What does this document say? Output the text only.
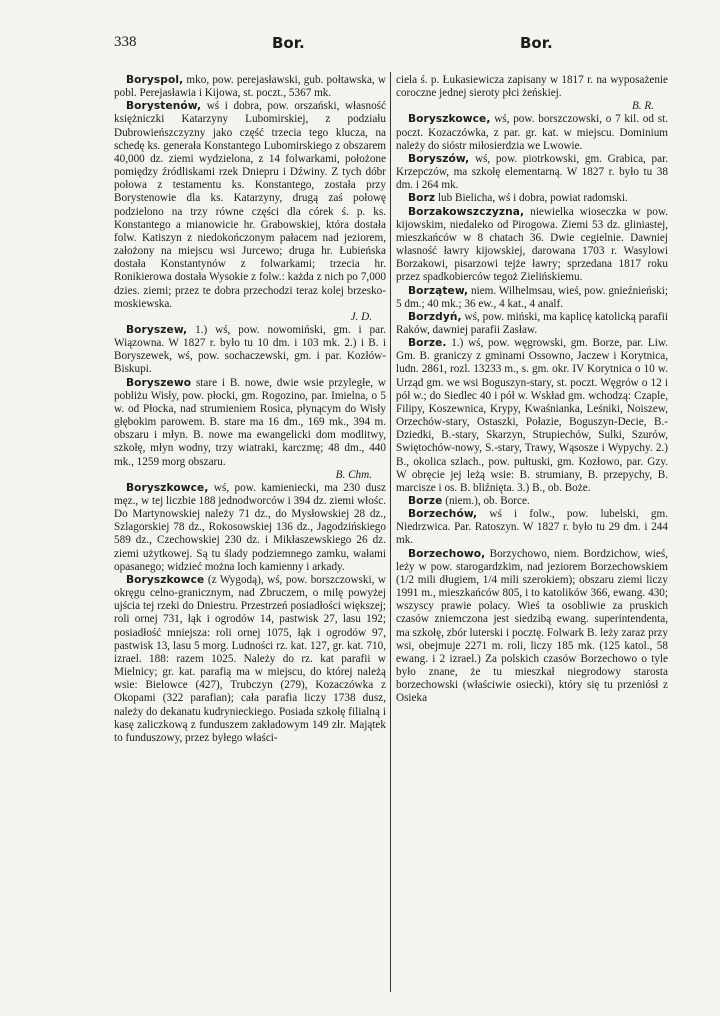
338	Bor.	Bor.

Boryspol, mko, pow. perejasławski, gub. połtawska, w pobl. Perejasławia i Kijowa, st. poczt., 5367 mk.

Borystenów, wś i dobra, pow. orszański, własność księżniczki Katarzyny Lubomirskiej, z podziału Dubrowieńszczyzny jako część trzecia tego klucza, na schedę ks. generała Konstantego Lubomirskiego z obszarem 40,000 dz. ziemi wydzielona, z 14 folwarkami, położone pomiędzy źródliskami rzek Dniepru i Dźwiny. Z tych dóbr połowa z testamentu ks. Konstantego, została przy Borystenowie dla ks. Katarzyny, drugą zaś połowę podzielono na trzy równe części dla córek ś. p. ks. Konstantego a mianowicie hr. Grabowskiej, która dostała folw. Katiszyn z niedokończonym pałacem nad jeziorem, założony na miejscu wsi Jurcewo; druga hr. Łubieńska dostała Konstantynów z folwarkami; trzecia hr. Ronikierowa dostała Wysokie z folw.: każda z nich po 7,000 dzies. ziemi; przez te dobra przechodzi teraz kolej brzesko-moskiewska.
J. D.

Boryszew, 1.) wś, pow. nowomiński, gm. i par. Wiązowna. W 1827 r. było tu 10 dm. i 103 mk. 2.) i B. i Boryszewek, wś, pow. sochaczewski, gm. i par. Kozłów-Biskupi.

Boryszewo stare i B. nowe, dwie wsie przyległe, w pobliżu Wisły, pow. płocki, gm. Rogozino, par. Imielna, o 5 w. od Płocka, nad strumieniem Rosica, płynącym do Wisły głębokim parowem. B. stare ma 16 dm., 169 mk., 394 m. obszaru i młyn. B. nowe ma ewangelicki dom modlitwy, szkołę, młyn wodny, trzy wiatraki, karczmę; 48 dm., 440 mk., 1259 morg obszaru.
B. Chm.

Boryszkowce, wś, pow. kamieniecki, ma 230 dusz męz., w tej liczbie 188 jednodworców i 394 dz. ziemi włośc. Do Martynowskiej należy 71 dz., do Mysłowskiej 28 dz., Szlagorskiej 78 dz., Rokosowskiej 136 dz., Jagodzińskiego 589 dz., Czechowskiej 230 dz. i Mikłaszewskiego 26 dz. ziemi użytkowej. Są tu ślady podziemnego zamku, wałami opasanego; widzieć można loch kamienny i arkady.

Boryszkowce (z Wygodą), wś, pow. borszczowski, w okręgu celno-granicznym, nad Zbruczem, o milę powyżej ujścia tej rzeki do Dniestru. Przestrzeń posiadłości większej; roli ornej 731, łąk i ogrodów 14, pastwisk 27, lasu 192; posiadłość mniejsza: roli ornej 1075, łąk i ogrodów 97, pastwisk 13, lasu 5 morg. Ludności rz. kat. 127, gr. kat. 710, izrael. 188: razem 1025. Należy do rz. kat parafii w Mielnicy; gr. kat. parafią ma w miejscu, do której należą wsie: Bielowce (427), Trubczyn (279), Kozaczówka z Okopami (322 parafian); cała parafia liczy 1738 dusz, należy do dekanatu kudrynieckiego. Posiada szkołę filialną i kasę zaliczkową z funduszem zakładowym 149 złr. Majątek to funduszowy, przez byłego właści-

ciela ś. p. Łukasiewicza zapisany w 1817 r. na wyposażenie coroczne jednej sieroty płci żeńskiej.
B. R.

Boryszkowce, wś, pow. borszczowski, o 7 kil. od st. poczt. Kozaczówka, z par. gr. kat. w miejscu. Dominium należy do sióstr miłosierdzia we Lwowie.

Boryszów, wś, pow. piotrkowski, gm. Grabica, par. Krzepczów, ma szkołę elementarną. W 1827 r. było tu 38 dm. i 264 mk.

Borz lub Bielicha, wś i dobra, powiat radomski.

Borzakowszczyzna, niewielka wioseczka w pow. kijowskim, niedaleko od Pirogowa. Ziemi 53 dz. gliniastej, mieszkańców w 8 chatach 36. Dwie cegielnie. Dawniej własność ławry kijowskiej, darowana 1703 r. Wasylowi Borzakowi, pisarzowi tejże ławry; sprzedana 1817 roku przez spadkobierców tegoż Zielińskiemu.

Borzątew, niem. Wilhelmsau, wieś, pow. gnieźnieński; 5 dm.; 40 mk.; 36 ew., 4 kat., 4 analf.

Borzdyń, wś, pow. miński, ma kaplicę katolicką parafii Raków, dawniej parafii Zasław.

Borze. 1.) wś, pow. węgrowski, gm. Borze, par. Liw. Gm. B. graniczy z gminami Ossowno, Jaczew i Korytnica, ludn. 2861, rozl. 13233 m., s. gm. okr. IV Korytnica o 10 w. Urząd gm. we wsi Boguszyn-stary, st. poczt. Węgrów o 12 i pół w.; do Siedlec 40 i pół w. Wskład gm. wchodzą: Czaple, Filipy, Koszewnica, Krypy, Kwaśnianka, Leśniki, Noiszew, Orzechów-stary, Ostaszki, Połazie, Boguszyn-Decie, B.-Dziedki, B.-stary, Skarzyn, Strupiechów, Sulki, Szurów, Swiętochów-nowy, S.-stary, Trawy, Wąsosze i Wypychy. 2.) B., okolica szlach., pow. pułtuski, gm. Kozłowo, par. Gzy. W obręcie jej leżą wsie: B. strumiany, B. przepychy, B. marcisze i os. B. bliźnięta. 3.) B., ob. Boże.

Borze (niem.), ob. Borce.

Borzechów, wś i folw., pow. lubelski, gm. Niedrzwica. Par. Ratoszyn. W 1827 r. było tu 29 dm. i 244 mk.

Borzechowo, Borzychowo, niem. Bordzichow, wieś, leży w pow. starogardzkim, nad jeziorem Borzechowskiem (1/2 mili długiem, 1/4 mili szerokiem); obszaru ziemi liczy 1991 m., mieszkańców 805, i to katolików 366, ewang. 430; wszyscy prawie polacy. Wieś ta osobliwie za pruskich czasów zniemczona jest siedzibą ewang. superintendenta, ma szkołę, zbór luterski i pocztę. Folwark B. leży zaraz przy wsi, obejmuje 2271 m. roli, liczy 185 mk. (125 katol., 58 ewang. i 2 izrael.) Za polskich czasów Borzechowo o tyle było znane, że tu mieszkał niegrodowy starosta borzechowski (właściwie osiecki), który się tu przeniósł z Osieka
